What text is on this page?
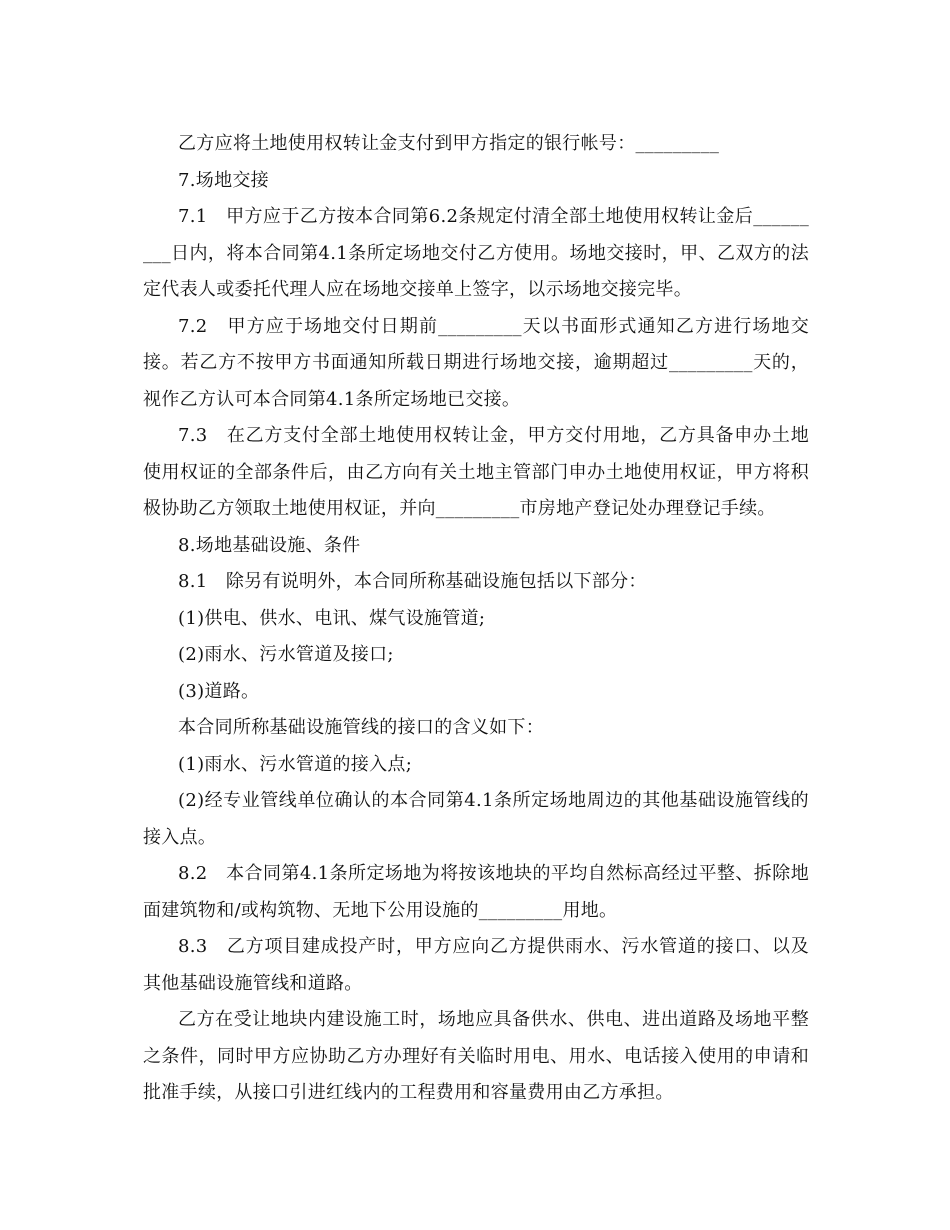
乙方应将土地使用权转让金支付到甲方指定的银行帐号：_________

7.场地交接

7.1　甲方应于乙方按本合同第6.2条规定付清全部土地使用权转让金后_________日内，将本合同第4.1条所定场地交付乙方使用。场地交接时，甲、乙双方的法定代表人或委托代理人应在场地交接单上签字，以示场地交接完毕。

7.2　甲方应于场地交付日期前_________天以书面形式通知乙方进行场地交接。若乙方不按甲方书面通知所载日期进行场地交接，逾期超过_________天的，视作乙方认可本合同第4.1条所定场地已交接。

7.3　在乙方支付全部土地使用权转让金，甲方交付用地，乙方具备申办土地使用权证的全部条件后，由乙方向有关土地主管部门申办土地使用权证，甲方将积极协助乙方领取土地使用权证，并向_________市房地产登记处办理登记手续。

8.场地基础设施、条件

8.1　除另有说明外，本合同所称基础设施包括以下部分：

(1)供电、供水、电讯、煤气设施管道;

(2)雨水、污水管道及接口;

(3)道路。

本合同所称基础设施管线的接口的含义如下：

(1)雨水、污水管道的接入点;

(2)经专业管线单位确认的本合同第4.1条所定场地周边的其他基础设施管线的接入点。

8.2　本合同第4.1条所定场地为将按该地块的平均自然标高经过平整、拆除地面建筑物和/或构筑物、无地下公用设施的_________用地。

8.3　乙方项目建成投产时，甲方应向乙方提供雨水、污水管道的接口、以及其他基础设施管线和道路。

乙方在受让地块内建设施工时，场地应具备供水、供电、进出道路及场地平整之条件，同时甲方应协助乙方办理好有关临时用电、用水、电话接入使用的申请和批准手续，从接口引进红线内的工程费用和容量费用由乙方承担。
